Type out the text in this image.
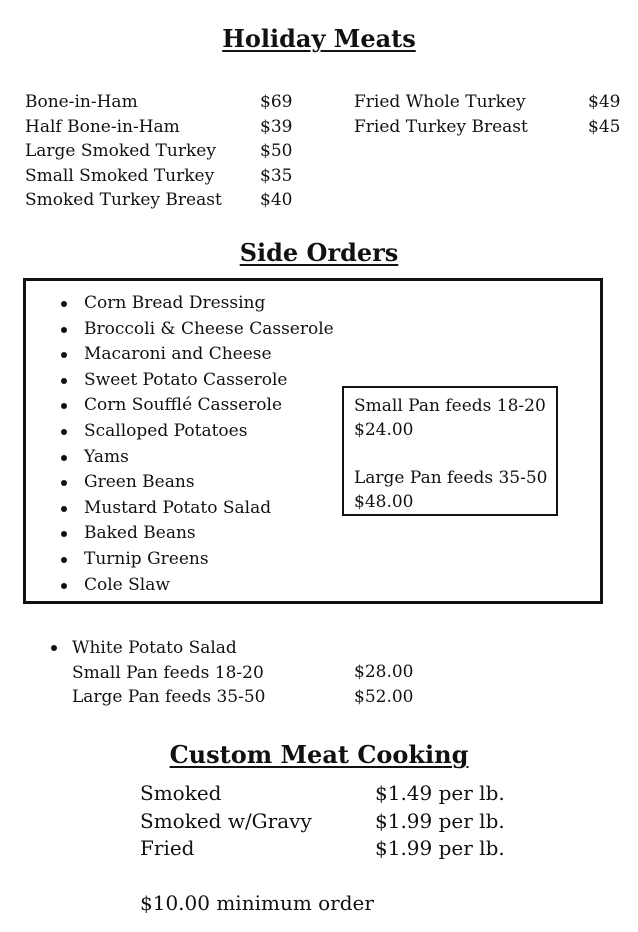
Holiday Meats
Bone-in-Ham
Half Bone-in-Ham
Large Smoked Turkey
Small Smoked Turkey
Smoked Turkey Breast
$69
$39
$50
$35
$40
Fried Whole Turkey
Fried Turkey Breast
$49
$45
Side Orders
Corn Bread Dressing
Broccoli & Cheese Casserole
Macaroni and Cheese
Sweet Potato Casserole
Corn Soufflé Casserole
Scalloped Potatoes
Yams
Green Beans
Mustard Potato Salad
Baked Beans
Turnip Greens
Cole Slaw
Small Pan feeds 18-20
$24.00
Large Pan feeds 35-50
$48.00
White Potato Salad
Small Pan feeds 18-20
Large Pan feeds 35-50
$28.00
$52.00
Custom Meat Cooking
Smoked
Smoked w/Gravy
Fried
$1.49 per lb.
$1.99 per lb.
$1.99 per lb.
$10.00 minimum order
